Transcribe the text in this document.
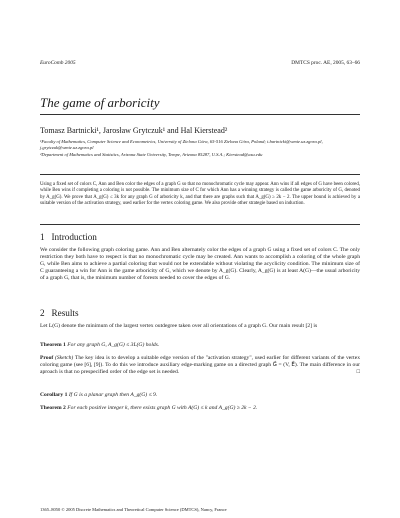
EuroComb 2005	DMTCS proc. AE, 2005, 63–66
The game of arboricity
Tomasz Bartnicki¹, Jarosław Grytczuk¹ and Hal Kierstead²
¹Faculty of Mathematics, Computer Science and Econometrics, University of Zielona Góra, 65-516 Zielona Góra, Poland; t.bartnicki@wmie.uz.zgora.pl, j.grytczuk@wmie.uz.zgora.pl
²Department of Mathematics and Statistics, Arizona State University, Tempe, Arizona 85287, U.S.A.; Kierstead@asu.edu
Using a fixed set of colors C, Ann and Ben color the edges of a graph G so that no monochromatic cycle may appear. Ann wins if all edges of G have been colored, while Ben wins if completing a coloring is not possible. The minimum size of C for which Ann has a winning strategy is called the game arboricity of G, denoted by A_g(G). We prove that A_g(G) ≤ 3k for any graph G of arboricity k, and that there are graphs such that A_g(G) ≥ 2k − 2. The upper bound is achieved by a suitable version of the activation strategy, used earlier for the vertex coloring game. We also provide other strategie based on induction.
1 Introduction
We consider the following graph coloring game. Ann and Ben alternately color the edges of a graph G using a fixed set of colors C. The only restriction they both have to respect is that no monochromatic cycle may be created. Ann wants to accomplish a coloring of the whole graph G, while Ben aims to achieve a partial coloring that would not be extendable without violating the acyclicity condition. The minimum size of C guaranteeing a win for Ann is the game arboricity of G, which we denote by A_g(G). Clearly, A_g(G) is at least A(G)—the usual arboricity of a graph G, that is, the minimum number of forests needed to cover the edges of G.
2 Results
Let L(G) denote the minimum of the largest vertex outdegree taken over all orientations of a graph G. Our main result [2] is
Theorem 1 For any graph G, A_g(G) ≤ 3L(G) holds.
Proof (Sketch) The key idea is to develop a suitable edge version of the "activation strategy", used earlier for different variants of the vertex coloring game (see [6], [9]). To do this we introduce auxiliary edge-marking game on a directed graph G⃗ = (V, E⃗). The main difference in our aproach is that no prespecified order of the edge set is needed.	□
Corollary 1 If G is a planar graph then A_g(G) ≤ 9.
Theorem 2 For each positive integer k, there exists graph G with A(G) ≤ k and A_g(G) ≥ 2k − 2.
1365–8050 © 2005 Discrete Mathematics and Theoretical Computer Science (DMTCS), Nancy, France
